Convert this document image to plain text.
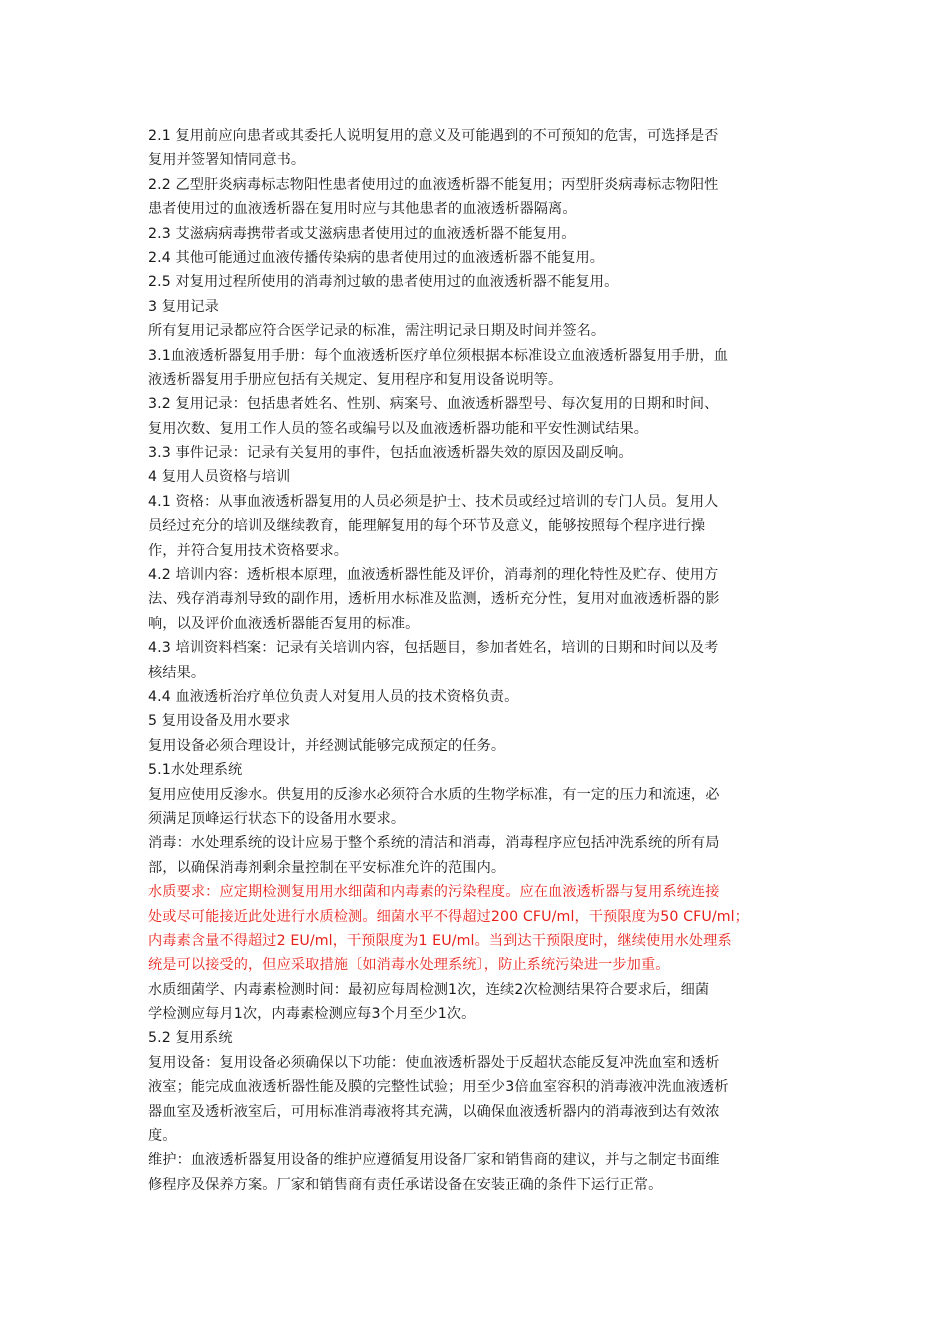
2.1 复用前应向患者或其委托人说明复用的意义及可能遇到的不可预知的危害，可选择是否
复用并签署知情同意书。
2.2 乙型肝炎病毒标志物阳性患者使用过的血液透析器不能复用；丙型肝炎病毒标志物阳性
患者使用过的血液透析器在复用时应与其他患者的血液透析器隔离。
2.3 艾滋病病毒携带者或艾滋病患者使用过的血液透析器不能复用。
2.4 其他可能通过血液传播传染病的患者使用过的血液透析器不能复用。
2.5 对复用过程所使用的消毒剂过敏的患者使用过的血液透析器不能复用。
3 复用记录
所有复用记录都应符合医学记录的标准，需注明记录日期及时间并签名。
3.1血液透析器复用手册：每个血液透析医疗单位须根据本标准设立血液透析器复用手册，血
液透析器复用手册应包括有关规定、复用程序和复用设备说明等。
3.2 复用记录：包括患者姓名、性别、病案号、血液透析器型号、每次复用的日期和时间、
复用次数、复用工作人员的签名或编号以及血液透析器功能和平安性测试结果。
3.3 事件记录：记录有关复用的事件，包括血液透析器失效的原因及副反响。
4 复用人员资格与培训
4.1 资格：从事血液透析器复用的人员必须是护士、技术员或经过培训的专门人员。复用人
员经过充分的培训及继续教育，能理解复用的每个环节及意义，能够按照每个程序进行操
作，并符合复用技术资格要求。
4.2 培训内容：透析根本原理，血液透析器性能及评价，消毒剂的理化特性及贮存、使用方
法、残存消毒剂导致的副作用，透析用水标准及监测，透析充分性，复用对血液透析器的影
响，以及评价血液透析器能否复用的标准。
4.3 培训资料档案：记录有关培训内容，包括题目，参加者姓名，培训的日期和时间以及考
核结果。
4.4 血液透析治疗单位负责人对复用人员的技术资格负责。
5 复用设备及用水要求
复用设备必须合理设计，并经测试能够完成预定的任务。
5.1水处理系统
复用应使用反渗水。供复用的反渗水必须符合水质的生物学标准，有一定的压力和流速，必
须满足顶峰运行状态下的设备用水要求。
消毒：水处理系统的设计应易于整个系统的清洁和消毒，消毒程序应包括冲洗系统的所有局
部，以确保消毒剂剩余量控制在平安标准允许的范围内。
水质要求：应定期检测复用用水细菌和内毒素的污染程度。应在血液透析器与复用系统连接
处或尽可能接近此处进行水质检测。细菌水平不得超过200 CFU/ml，干预限度为50 CFU/ml；
内毒素含量不得超过2 EU/ml，干预限度为1 EU/ml。当到达干预限度时，继续使用水处理系
统是可以接受的，但应采取措施〔如消毒水处理系统〕，防止系统污染进一步加重。
水质细菌学、内毒素检测时间：最初应每周检测1次，连续2次检测结果符合要求后，细菌
学检测应每月1次，内毒素检测应每3个月至少1次。
5.2 复用系统
复用设备：复用设备必须确保以下功能：使血液透析器处于反超状态能反复冲洗血室和透析
液室；能完成血液透析器性能及膜的完整性试验；用至少3倍血室容积的消毒液冲洗血液透析
器血室及透析液室后，可用标准消毒液将其充满，以确保血液透析器内的消毒液到达有效浓
度。
维护：血液透析器复用设备的维护应遵循复用设备厂家和销售商的建议，并与之制定书面维
修程序及保养方案。厂家和销售商有责任承诺设备在安装正确的条件下运行正常。
